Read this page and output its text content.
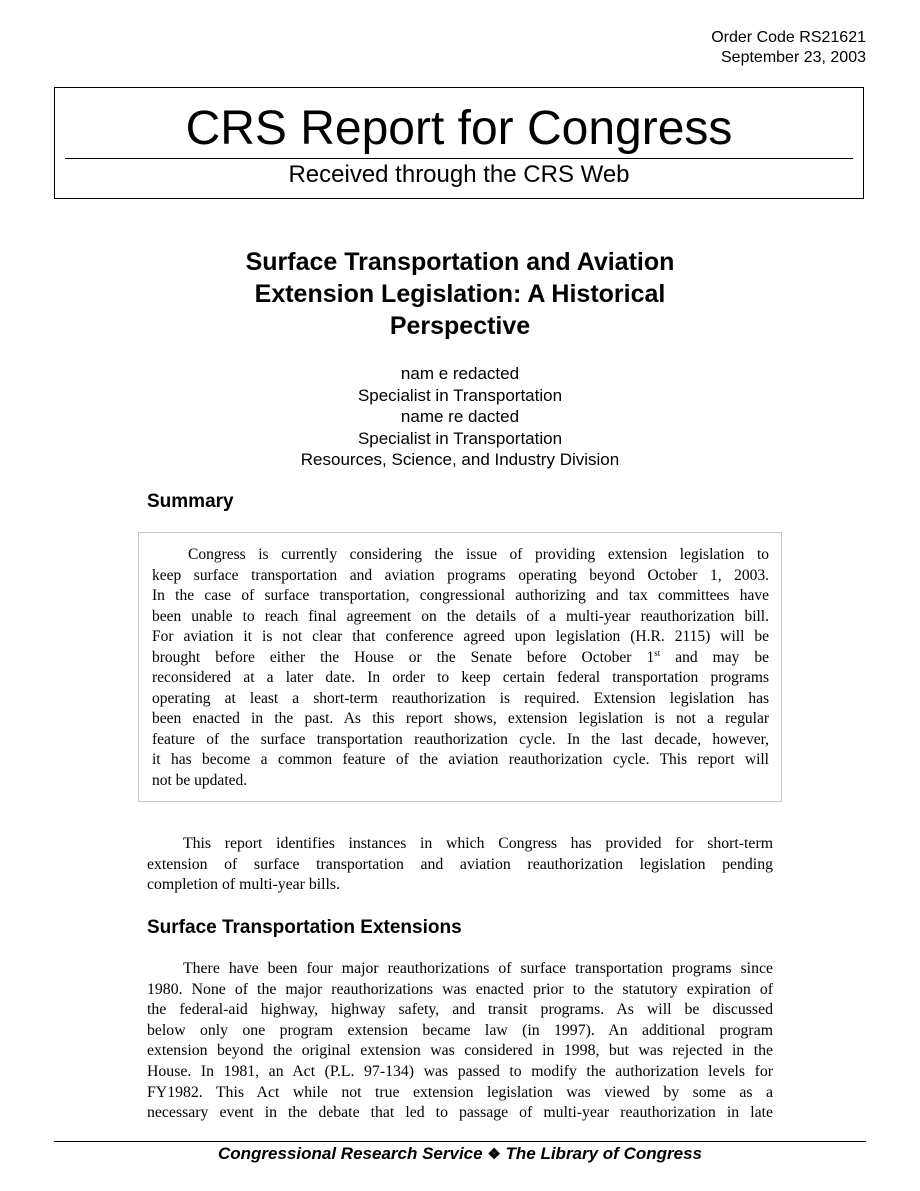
Order Code RS21621
September 23, 2003
CRS Report for Congress
Received through the CRS Web
Surface Transportation and Aviation
Extension Legislation: A Historical
Perspective
nam e redacted
Specialist in Transportation
name re dacted
Specialist in Transportation
Resources, Science, and Industry Division
Summary
Congress is currently considering the issue of providing extension legislation to
keep surface transportation and aviation programs operating beyond October 1, 2003.
In the case of surface transportation, congressional authorizing and tax committees have
been unable to reach final agreement on the details of a multi-year reauthorization bill.
For aviation it is not clear that conference agreed upon legislation (H.R. 2115) will be
brought before either the House or the Senate before October 1st and may be
reconsidered at a later date. In order to keep certain federal transportation programs
operating at least a short-term reauthorization is required. Extension legislation has
been enacted in the past. As this report shows, extension legislation is not a regular
feature of the surface transportation reauthorization cycle. In the last decade, however,
it has become a common feature of the aviation reauthorization cycle. This report will
not be updated.
This report identifies instances in which Congress has provided for short-term
extension of surface transportation and aviation reauthorization legislation pending
completion of multi-year bills.
Surface Transportation Extensions
There have been four major reauthorizations of surface transportation programs since
1980. None of the major reauthorizations was enacted prior to the statutory expiration of
the federal-aid highway, highway safety, and transit programs. As will be discussed
below only one program extension became law (in 1997). An additional program
extension beyond the original extension was considered in 1998, but was rejected in the
House. In 1981, an Act (P.L. 97-134) was passed to modify the authorization levels for
FY1982. This Act while not true extension legislation was viewed by some as a
necessary event in the debate that led to passage of multi-year reauthorization in late
Congressional Research Service ❖ The Library of Congress
